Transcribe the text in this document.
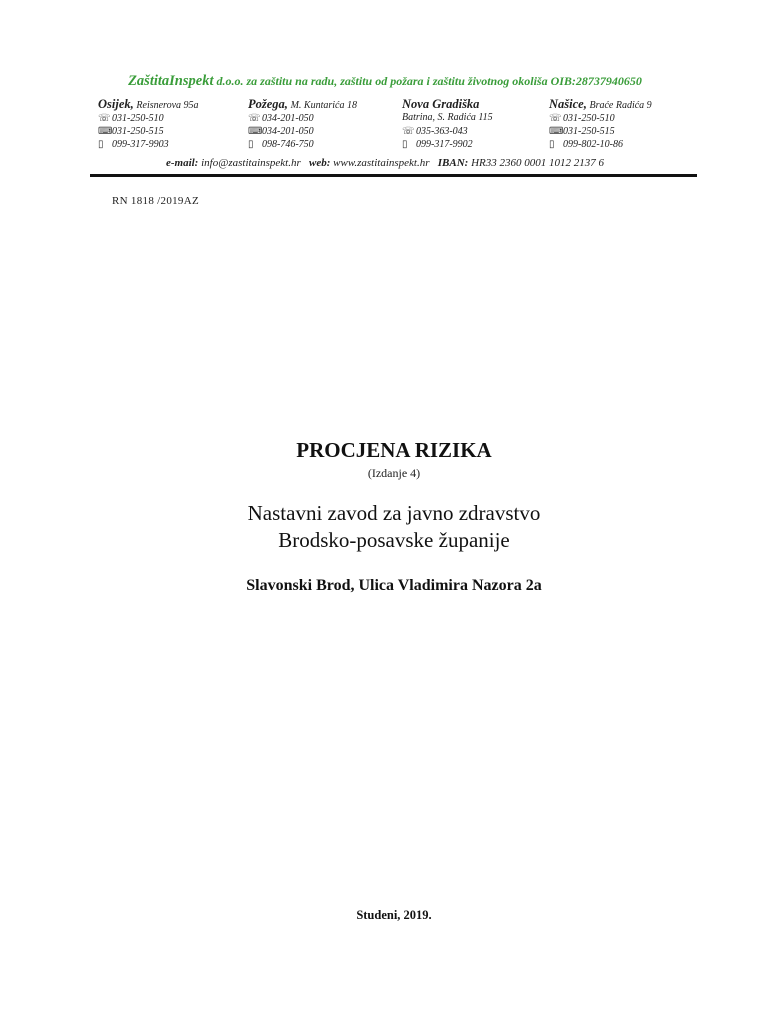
ZaštitaInspekt d.o.o. za zaštitu na radu, zaštitu od požara i zaštitu životnog okoliša OIB:28737940650
Osijek, Reisnerova 95a
☏ 031-250-510
⌨ 031-250-515
▯ 099-317-9903
Požega, M. Kuntarića 18
☏ 034-201-050
⌨ 034-201-050
▯ 098-746-750
Nova Gradiška
Batrina, S. Radića 115
☏ 035-363-043
▯ 099-317-9902
Našice, Braće Radića 9
☏ 031-250-510
⌨ 031-250-515
▯ 099-802-10-86
e-mail: info@zastitainspekt.hr web: www.zastitainspekt.hr IBAN: HR33 2360 0001 1012 2137 6
RN 1818 /2019AZ
PROCJENA RIZIKA
(Izdanje 4)
Nastavni zavod za javno zdravstvo
Brodsko-posavske županije
Slavonski Brod, Ulica Vladimira Nazora 2a
Studeni, 2019.
